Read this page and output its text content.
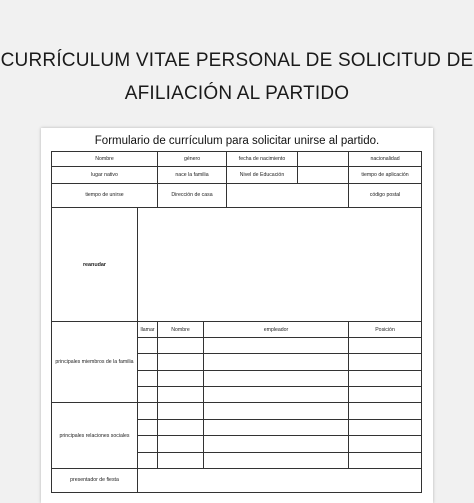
CURRÍCULUM VITAE PERSONAL DE SOLICITUD DE AFILIACIÓN AL PARTIDO
Formulario de currículum para solicitar unirse al partido.
Nombre		género		fecha de nacimiento		nacionalidad	
lugar nativo		nace la familia		Nivel de Educación		tiempo de aplicación	
tiempo de unirse		Dirección de casa				código postal	
reanudar							
principales miembros de la familia	llamar	Nombre	empleador			Posición	

principales relaciones sociales							

presentador de fiesta							
